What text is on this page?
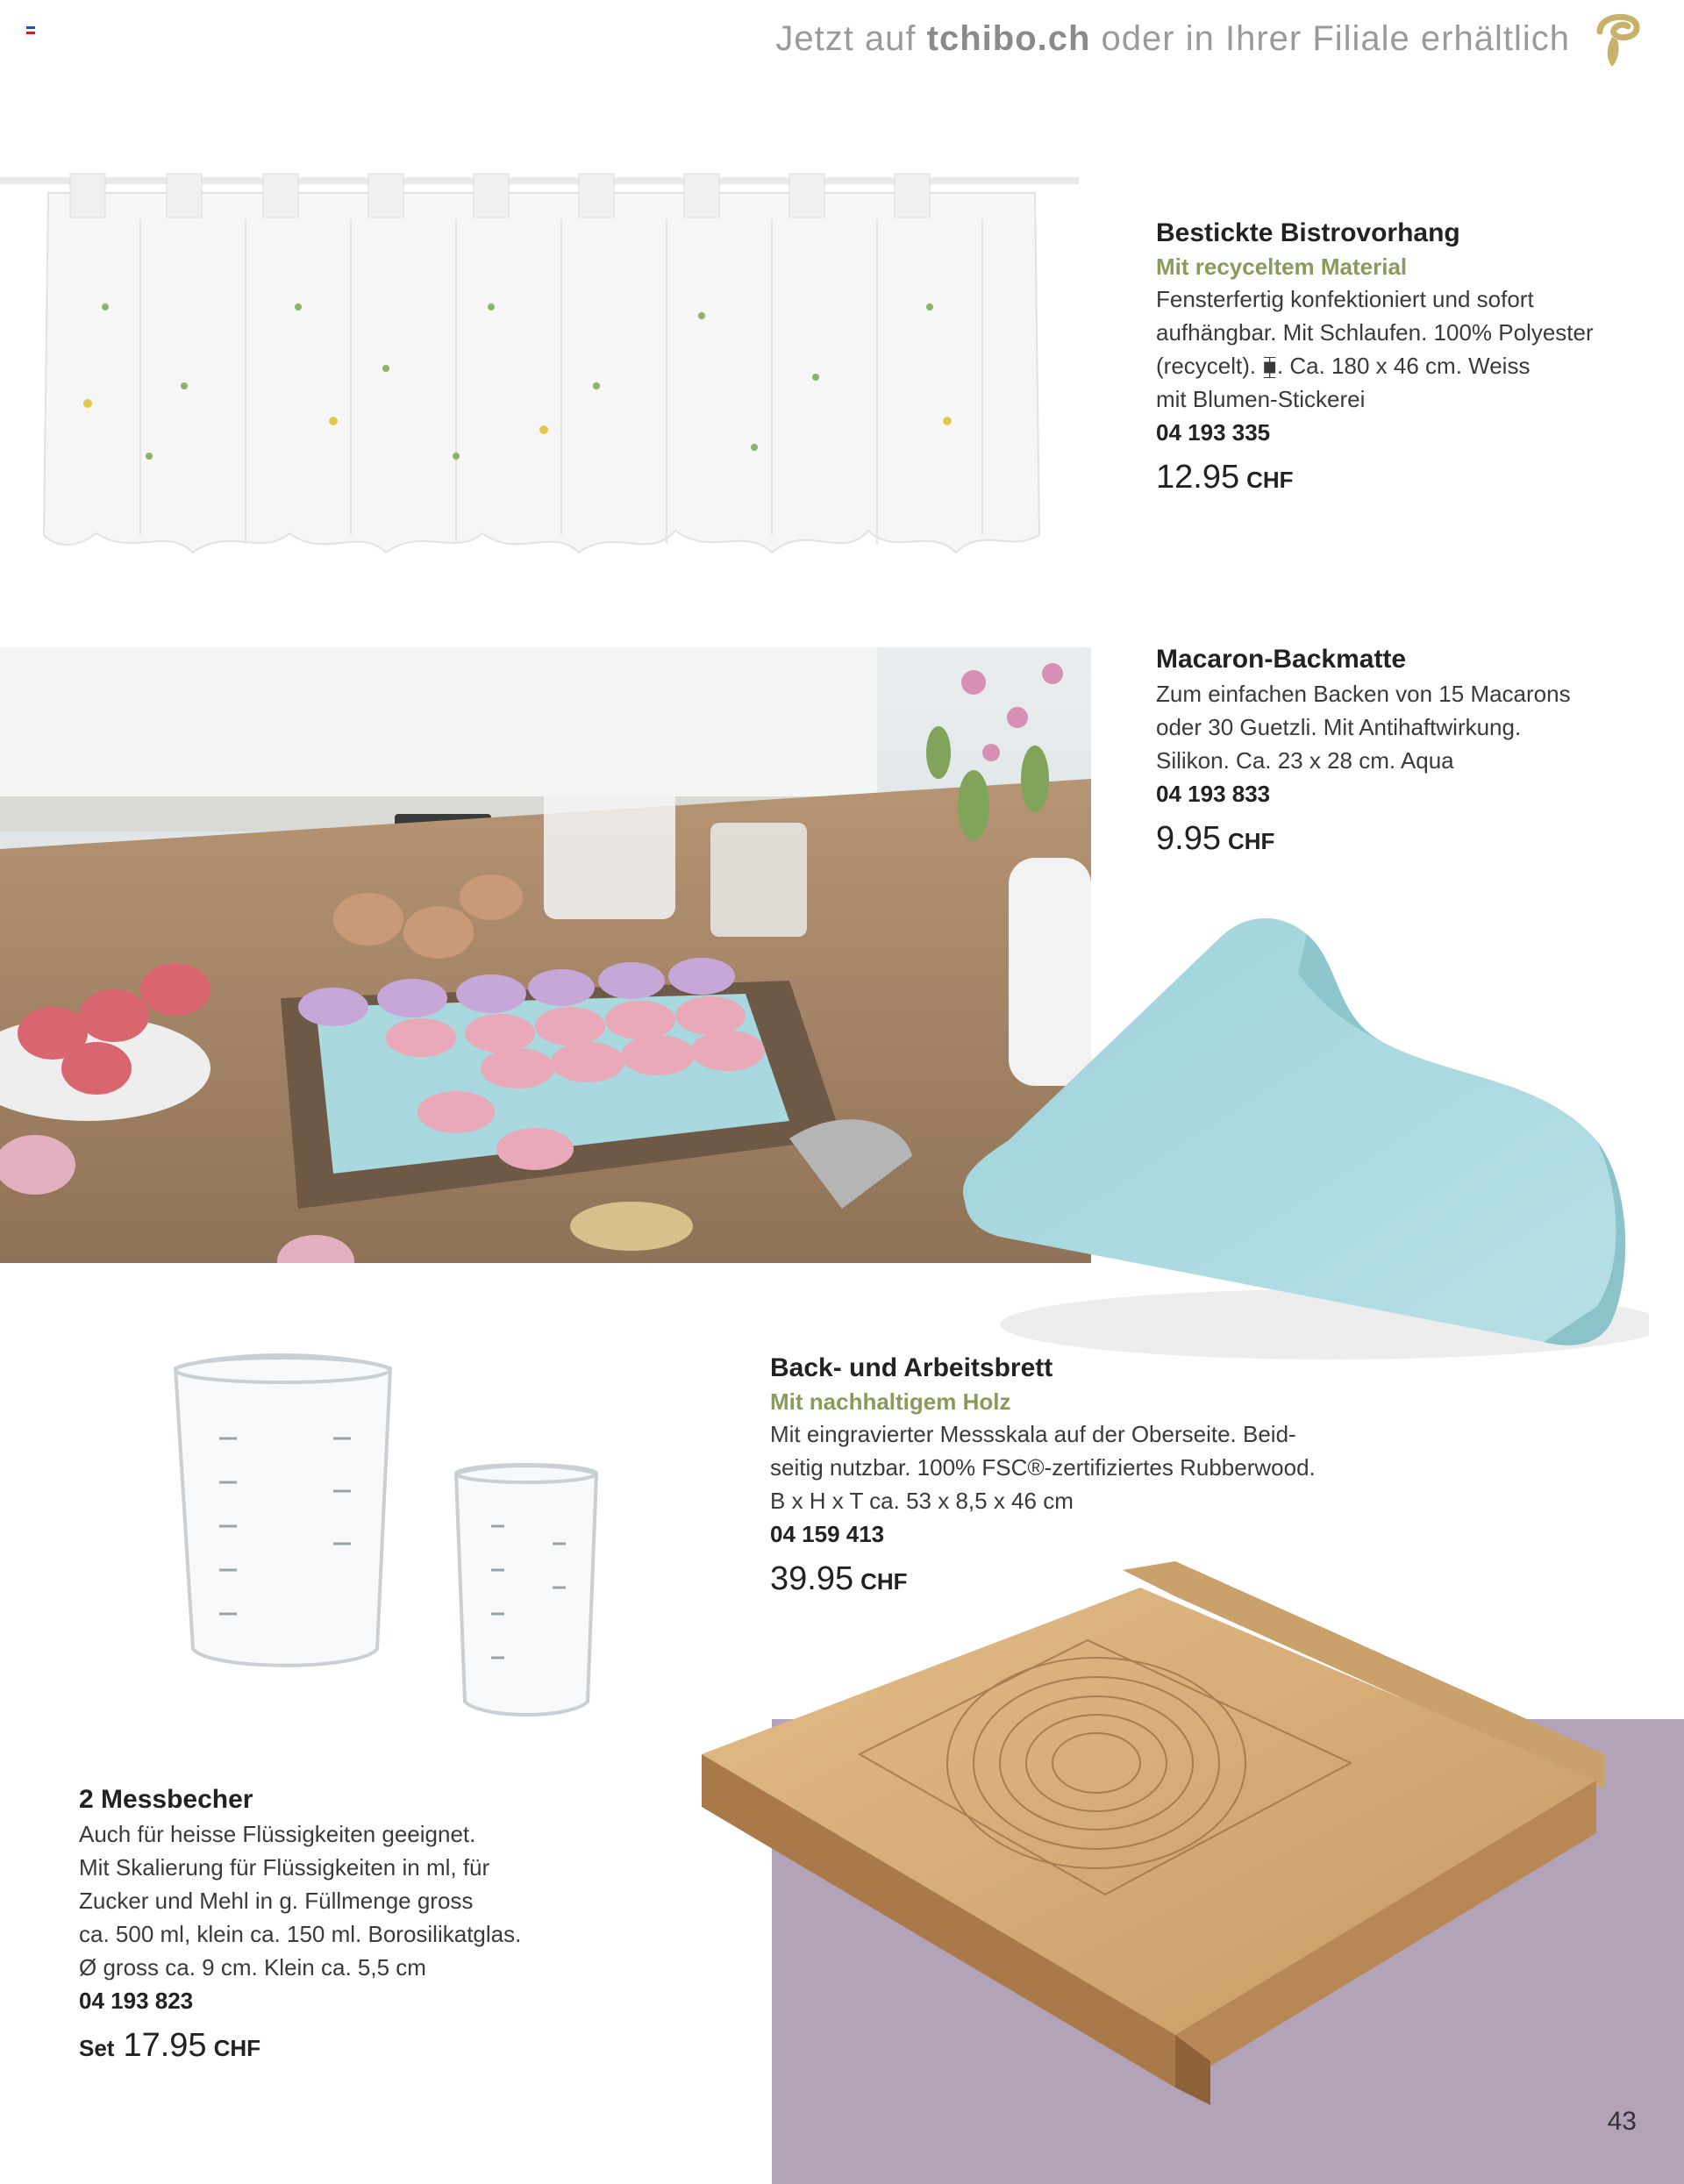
Jetzt auf tchibo.ch oder in Ihrer Filiale erhältlich
Bestickte Bistrovorhang
Mit recyceltem Material
Fensterfertig konfektioniert und sofort
aufhängbar. Mit Schlaufen. 100% Polyester
(recycelt). ⧯. Ca. 180 x 46 cm. Weiss
mit Blumen-Stickerei
04 193 335
12.95 CHF
Macaron-Backmatte
Zum einfachen Backen von 15 Macarons
oder 30 Guetzli. Mit Antihaftwirkung.
Silikon. Ca. 23 x 28 cm. Aqua
04 193 833
9.95 CHF
2 Messbecher
Auch für heisse Flüssigkeiten geeignet.
Mit Skalierung für Flüssigkeiten in ml, für
Zucker und Mehl in g. Füllmenge gross
ca. 500 ml, klein ca. 150 ml. Borosilikatglas.
Ø gross ca. 9 cm. Klein ca. 5,5 cm
04 193 823
Set 17.95 CHF
Back- und Arbeitsbrett
Mit nachhaltigem Holz
Mit eingravierter Messskala auf der Oberseite. Beid-
seitig nutzbar. 100% FSC®-zertifiziertes Rubberwood.
B x H x T ca. 53 x 8,5 x 46 cm
04 159 413
39.95 CHF
43
